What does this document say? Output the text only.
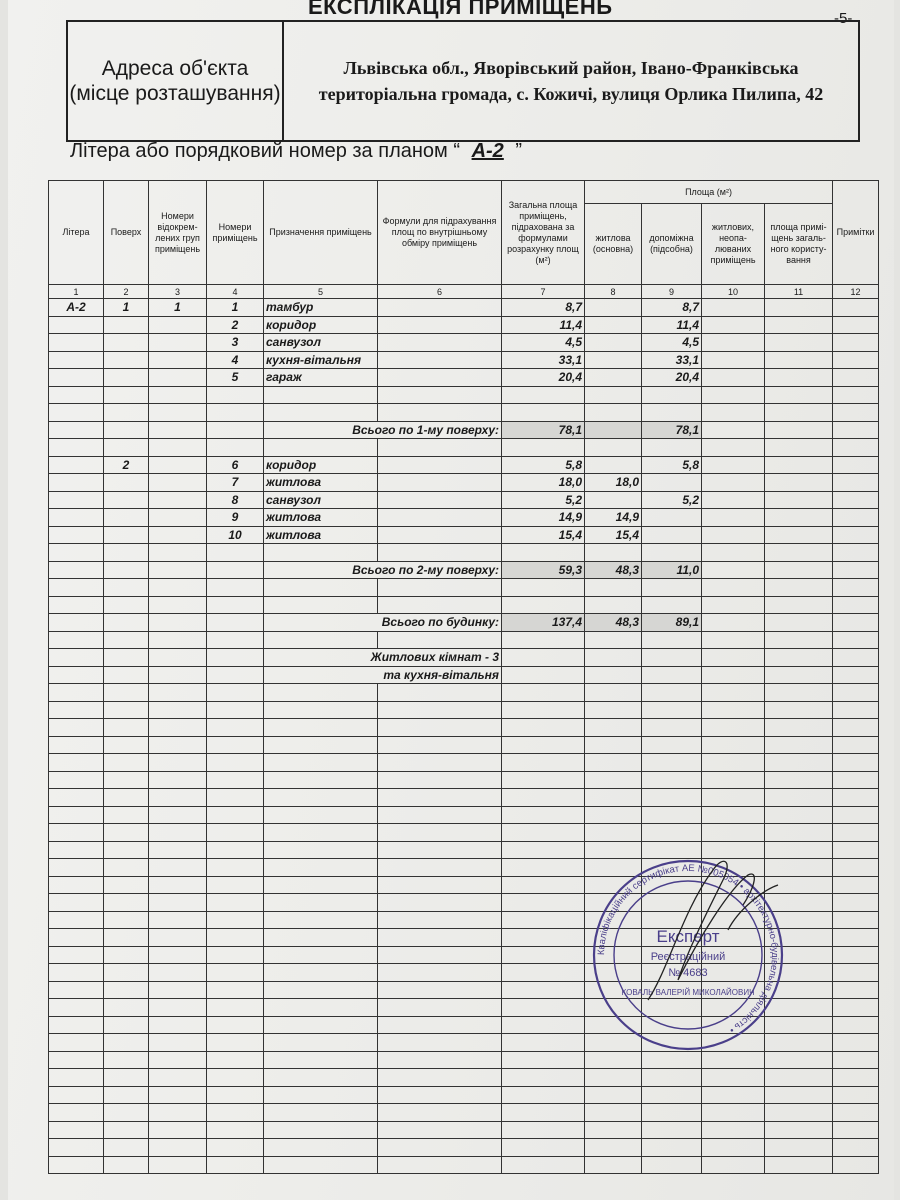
ЕКСПЛІКАЦІЯ ПРИМІЩЕНЬ	-5-
Адреса об'єкта
(місце розташування)
Львівська обл., Яворівський район, Івано-Франківська
територіальна громада, с. Кожичі, вулиця Орлика Пилипа, 42
Літера або порядковий номер за планом “ А-2 ”
Літера	Поверх	Номери відокрем-лених груп приміщень	Номери приміщень	Призначення приміщень	Формули для підрахування площ по внутрішньому обміру приміщень	Загальна площа приміщень, підрахована за формулами розрахунку площ (м²)	Площа (м²)				Примітки
							житлова (основна)	допоміжна (підсобна)	житлових, неопа-люваних приміщень	площа примі-щень загаль-ного користу-вання	
1	2	3	4	5	6	7	8	9	10	11	12
А-2	1	1	1	тамбур		8,7		8,7			
			2	коридор		11,4		11,4			
			3	санвузол		4,5		4,5			
			4	кухня-вітальня		33,1		33,1			
			5	гараж		20,4		20,4			

				Всього по 1-му поверху:		78,1		78,1			

	2		6	коридор		5,8		5,8			
			7	житлова		18,0	18,0				
			8	санвузол		5,2		5,2			
			9	житлова		14,9	14,9				
			10	житлова		15,4	15,4				

				Всього по 2-му поверху:		59,3	48,3	11,0			

				Всього по будинку:		137,4	48,3	89,1			

				Житлових кімнат - 3							
				та кухня-вітальня							

Кваліфікаційний сертифікат АЕ №005054 • архітектурно-будівельна діяльність •
Експерт
Реєстраційний
№ 4683
КОВАЛЬ ВАЛЕРІЙ МИКОЛАЙОВИЧ
